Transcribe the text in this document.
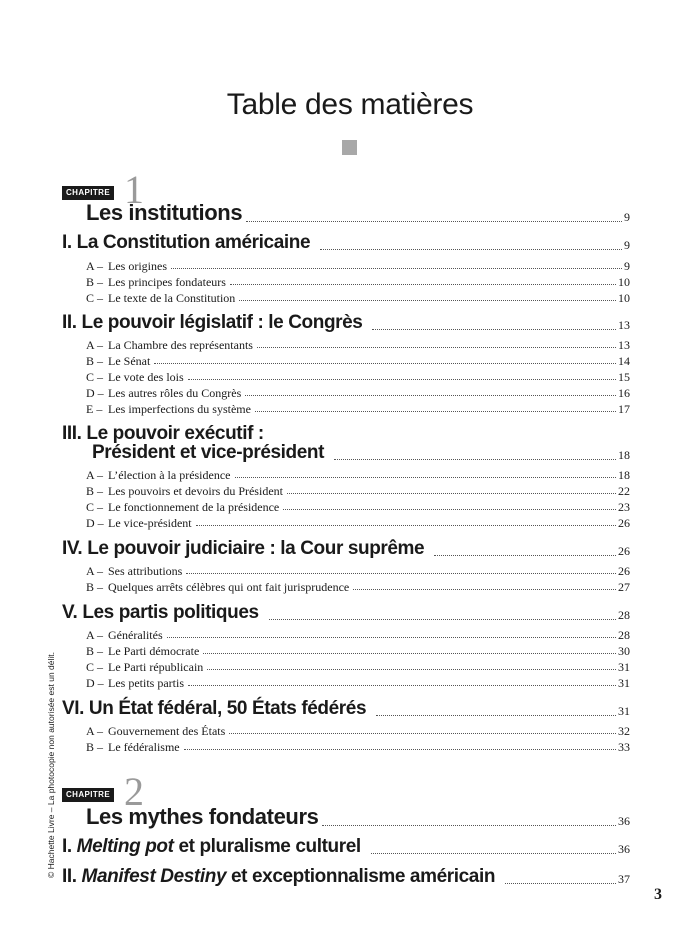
Table des matières
© Hachette Livre – La photocopie non autorisée est un délit.
3
CHAPITRE 1
Les institutions	9
I. La Constitution américaine	9
A – Les origines	9
B – Les principes fondateurs	10
C – Le texte de la Constitution	10
II. Le pouvoir législatif : le Congrès	13
A – La Chambre des représentants	13
B – Le Sénat	14
C – Le vote des lois	15
D – Les autres rôles du Congrès	16
E – Les imperfections du système	17
III. Le pouvoir exécutif :
Président et vice-président	18
A – L’élection à la présidence	18
B – Les pouvoirs et devoirs du Président	22
C – Le fonctionnement de la présidence	23
D – Le vice-président	26
IV. Le pouvoir judiciaire : la Cour suprême	26
A – Ses attributions	26
B – Quelques arrêts célèbres qui ont fait jurisprudence	27
V. Les partis politiques	28
A – Généralités	28
B – Le Parti démocrate	30
C – Le Parti républicain	31
D – Les petits partis	31
VI. Un État fédéral, 50 États fédérés	31
A – Gouvernement des États	32
B – Le fédéralisme	33
CHAPITRE 2
Les mythes fondateurs	36
I. Melting pot et pluralisme culturel	36
II. Manifest Destiny et exceptionnalisme américain	37
